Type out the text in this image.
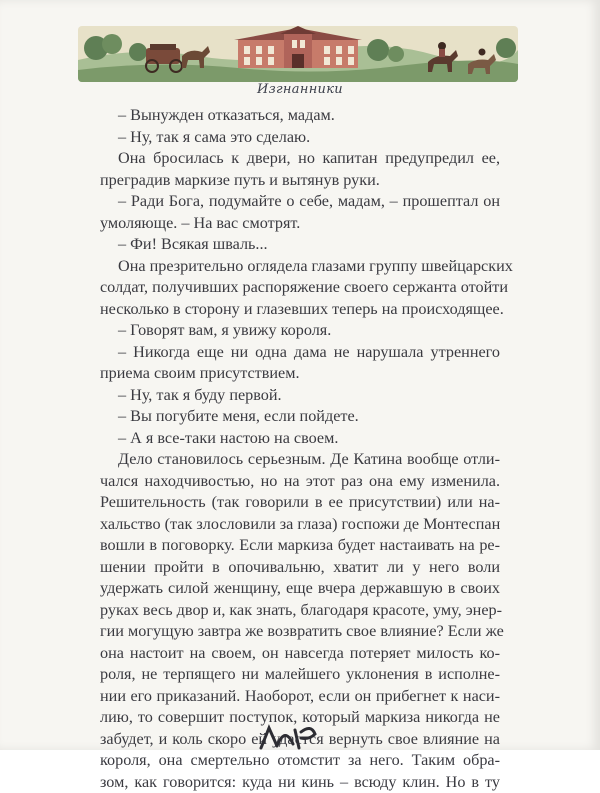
Изгнанники
– Вынужден отказаться, мадам.
– Ну, так я сама это сделаю.
Она бросилась к двери, но капитан предупредил ее,
преградив маркизе путь и вытянув руки.
– Ради Бога, подумайте о себе, мадам, – прошептал он
умоляюще. – На вас смотрят.
– Фи! Всякая шваль...
Она презрительно оглядела глазами группу швейцарских
солдат, получивших распоряжение своего сержанта отойти
несколько в сторону и глазевших теперь на происходящее.
– Говорят вам, я увижу короля.
– Никогда еще ни одна дама не нарушала утреннего
приема своим присутствием.
– Ну, так я буду первой.
– Вы погубите меня, если пойдете.
– А я все-таки настою на своем.
Дело становилось серьезным. Де Катина вообще отли-
чался находчивостью, но на этот раз она ему изменила.
Решительность (так говорили в ее присутствии) или на-
хальство (так злословили за глаза) госпожи де Монтеспан
вошли в поговорку. Если маркиза будет настаивать на ре-
шении пройти в опочивальню, хватит ли у него воли
удержать силой женщину, еще вчера державшую в своих
руках весь двор и, как знать, благодаря красоте, уму, энер-
гии могущую завтра же возвратить свое влияние? Если же
она настоит на своем, он навсегда потеряет милость ко-
роля, не терпящего ни малейшего уклонения в исполне-
нии его приказаний. Наоборот, если он прибегнет к наси-
лию, то совершит поступок, который маркиза никогда не
забудет, и коль скоро ей удастся вернуть свое влияние на
короля, она смертельно отомстит за него. Таким обра-
зом, как говорится: куда ни кинь – всюду клин. Но в ту
